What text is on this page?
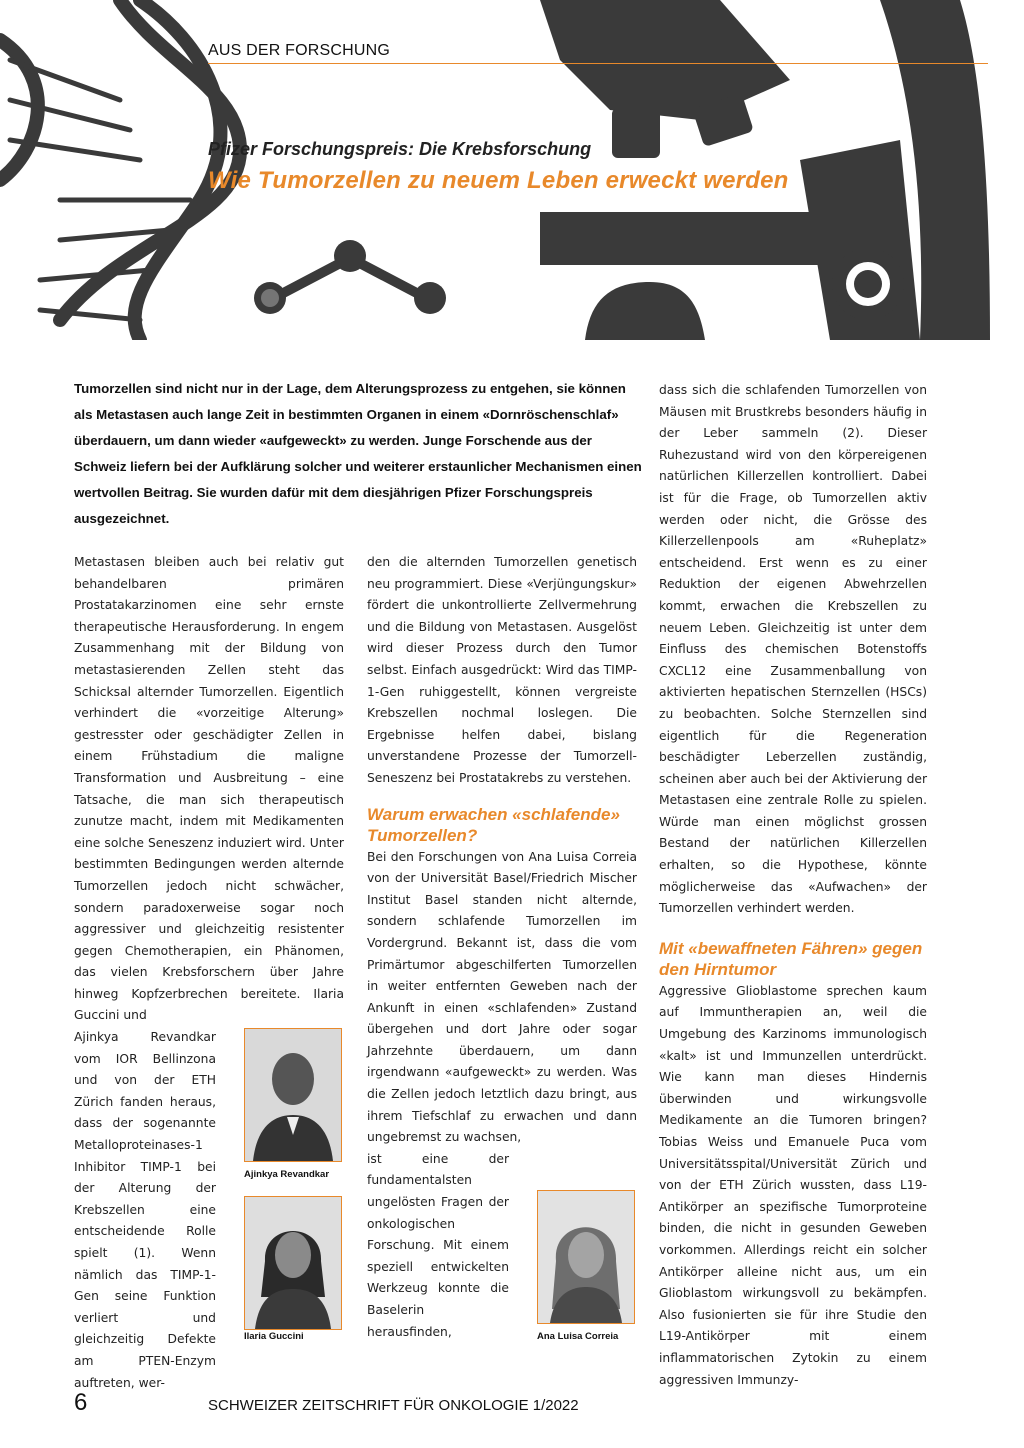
AUS DER FORSCHUNG
Pfizer Forschungspreis: Die Krebsforschung
Wie Tumorzellen zu neuem Leben erweckt werden
Tumorzellen sind nicht nur in der Lage, dem Alterungsprozess zu entgehen, sie können als Metastasen auch lange Zeit in bestimmten Organen in einem «Dornröschenschlaf» überdauern, um dann wieder «aufgeweckt» zu werden. Junge Forschende aus der Schweiz liefern bei der Aufklärung solcher und weiterer erstaunlicher Mechanismen einen wertvollen Beitrag. Sie wurden dafür mit dem diesjährigen Pfizer Forschungspreis ausgezeichnet.

Metastasen bleiben auch bei relativ gut behandelbaren primären Prostatakarzinomen eine sehr ernste therapeutische Herausforderung. In engem Zusammenhang mit der Bildung von metastasierenden Zellen steht das Schicksal alternder Tumorzellen. Eigentlich verhindert die «vorzeitige Alterung» gestresster oder geschädigter Zellen in einem Frühstadium die maligne Transformation und Ausbreitung – eine Tatsache, die man sich therapeutisch zunutze macht, indem mit Medikamenten eine solche Seneszenz induziert wird. Unter bestimmten Bedingungen werden alternde Tumorzellen jedoch nicht schwächer, sondern paradoxerweise sogar noch aggressiver und gleichzeitig resistenter gegen Chemotherapien, ein Phänomen, das vielen Krebsforschern über Jahre hinweg Kopfzerbrechen bereitete. Ilaria Guccini und

Ajinkya Revandkar vom IOR Bellinzona und von der ETH Zürich fanden heraus, dass der sogenannte Metalloproteinases-1 Inhibitor TIMP-1 bei der Alterung der Krebszellen eine entscheidende Rolle spielt (1). Wenn nämlich das TIMP-1-Gen seine Funktion verliert und gleichzeitig Defekte am PTEN-Enzym auftreten, wer-

den die alternden Tumorzellen genetisch neu programmiert. Diese «Verjüngungskur» fördert die unkontrollierte Zellvermehrung und die Bildung von Metastasen. Ausgelöst wird dieser Prozess durch den Tumor selbst. Einfach ausgedrückt: Wird das TIMP-1-Gen ruhiggestellt, können vergreiste Krebszellen nochmal loslegen. Die Ergebnisse helfen dabei, bislang unverstandene Prozesse der Tumorzell-Seneszenz bei Prostatakrebs zu verstehen.

Warum erwachen «schlafende» Tumorzellen?

Bei den Forschungen von Ana Luisa Correia von der Universität Basel/Friedrich Mischer Institut Basel standen nicht alternde, sondern schlafende Tumorzellen im Vordergrund. Bekannt ist, dass die vom Primärtumor abgeschilferten Tumorzellen in weiter entfernten Geweben nach der Ankunft in einen «schlafenden» Zustand übergehen und dort Jahre oder sogar Jahrzehnte überdauern, um dann irgendwann «aufgeweckt» zu werden. Was die Zellen jedoch letztlich dazu bringt, aus ihrem Tiefschlaf zu erwachen und dann ungebremst zu wachsen,

ist eine der fundamentalsten ungelösten Fragen der onkologischen Forschung. Mit einem speziell entwickelten Werkzeug konnte die Baselerin herausfinden,

dass sich die schlafenden Tumorzellen von Mäusen mit Brustkrebs besonders häufig in der Leber sammeln (2). Dieser Ruhezustand wird von den körpereigenen natürlichen Killerzellen kontrolliert. Dabei ist für die Frage, ob Tumorzellen aktiv werden oder nicht, die Grösse des Killerzellenpools am «Ruheplatz» entscheidend. Erst wenn es zu einer Reduktion der eigenen Abwehrzellen kommt, erwachen die Krebszellen zu neuem Leben. Gleichzeitig ist unter dem Einfluss des chemischen Botenstoffs CXCL12 eine Zusammenballung von aktivierten hepatischen Sternzellen (HSCs) zu beobachten. Solche Sternzellen sind eigentlich für die Regeneration beschädigter Leberzellen zuständig, scheinen aber auch bei der Aktivierung der Metastasen eine zentrale Rolle zu spielen. Würde man einen möglichst grossen Bestand der natürlichen Killerzellen erhalten, so die Hypothese, könnte möglicherweise das «Aufwachen» der Tumorzellen verhindert werden.

Mit «bewaffneten Fähren» gegen den Hirntumor

Aggressive Glioblastome sprechen kaum auf Immuntherapien an, weil die Umgebung des Karzinoms immunologisch «kalt» ist und Immunzellen unterdrückt. Wie kann man dieses Hindernis überwinden und wirkungsvolle Medikamente an die Tumoren bringen? Tobias Weiss und Emanuele Puca vom Universitätsspital/Universität Zürich und von der ETH Zürich wussten, dass L19-Antikörper an spezifische Tumorproteine binden, die nicht in gesunden Geweben vorkommen. Allerdings reicht ein solcher Antikörper alleine nicht aus, um ein Glioblastom wirkungsvoll zu bekämpfen. Also fusionierten sie für ihre Studie den L19-Antikörper mit einem inflammatorischen Zytokin zu einem aggressiven Immunzy-

Ajinkya Revandkar
Ilaria Guccini	Ana Luisa Correia
6	SCHWEIZER ZEITSCHRIFT FÜR ONKOLOGIE 1/2022
